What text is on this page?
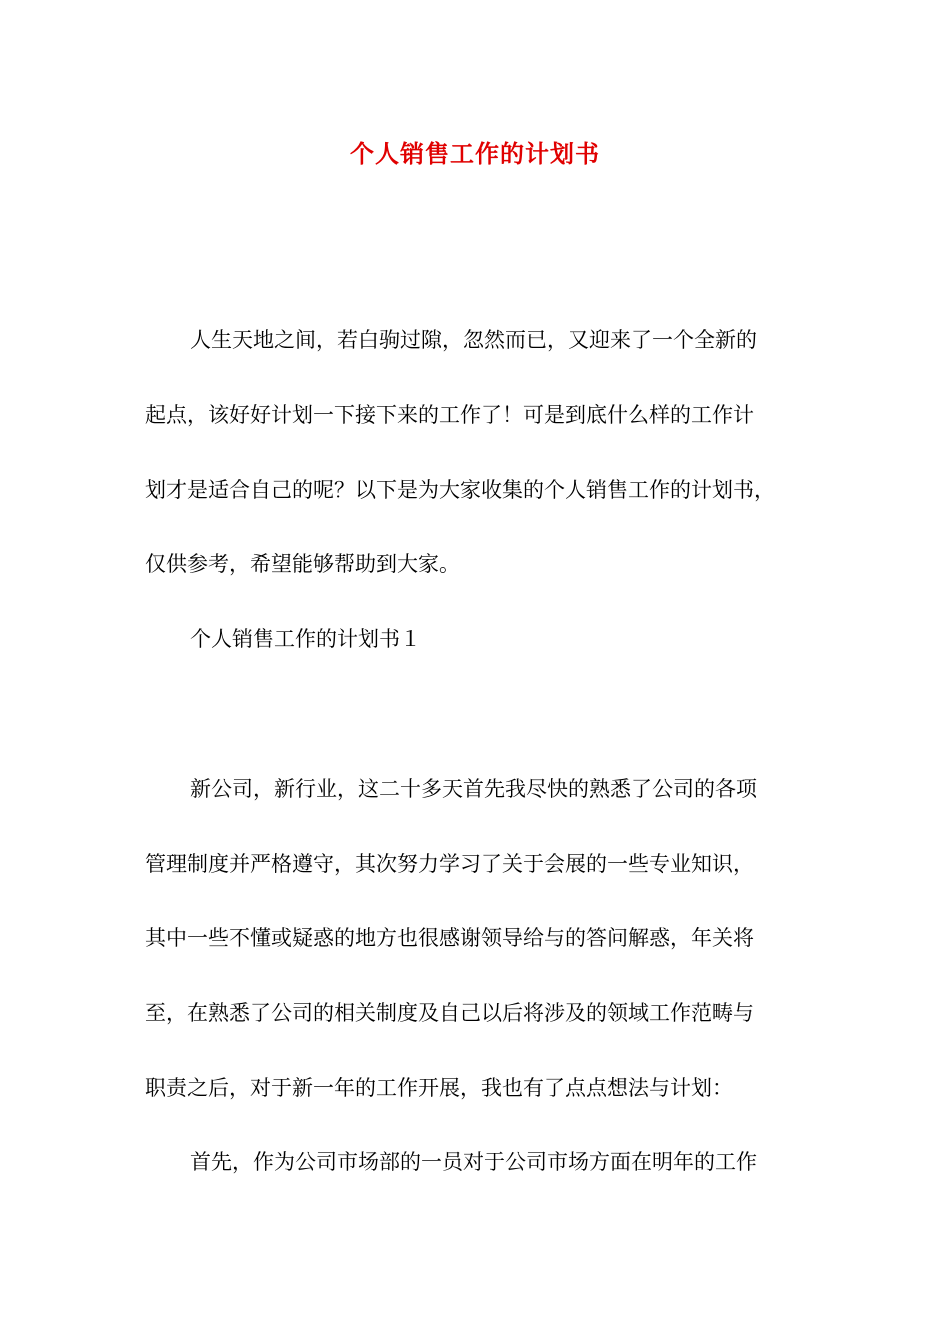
个人销售工作的计划书
人生天地之间，若白驹过隙，忽然而已，又迎来了一个全新的
起点，该好好计划一下接下来的工作了！可是到底什么样的工作计
划才是适合自己的呢？以下是为大家收集的个人销售工作的计划书，
仅供参考，希望能够帮助到大家。
个人销售工作的计划书１
新公司，新行业，这二十多天首先我尽快的熟悉了公司的各项
管理制度并严格遵守，其次努力学习了关于会展的一些专业知识，
其中一些不懂或疑惑的地方也很感谢领导给与的答问解惑，年关将
至，在熟悉了公司的相关制度及自己以后将涉及的领域工作范畴与
职责之后，对于新一年的工作开展，我也有了点点想法与计划：
首先，作为公司市场部的一员对于公司市场方面在明年的工作
